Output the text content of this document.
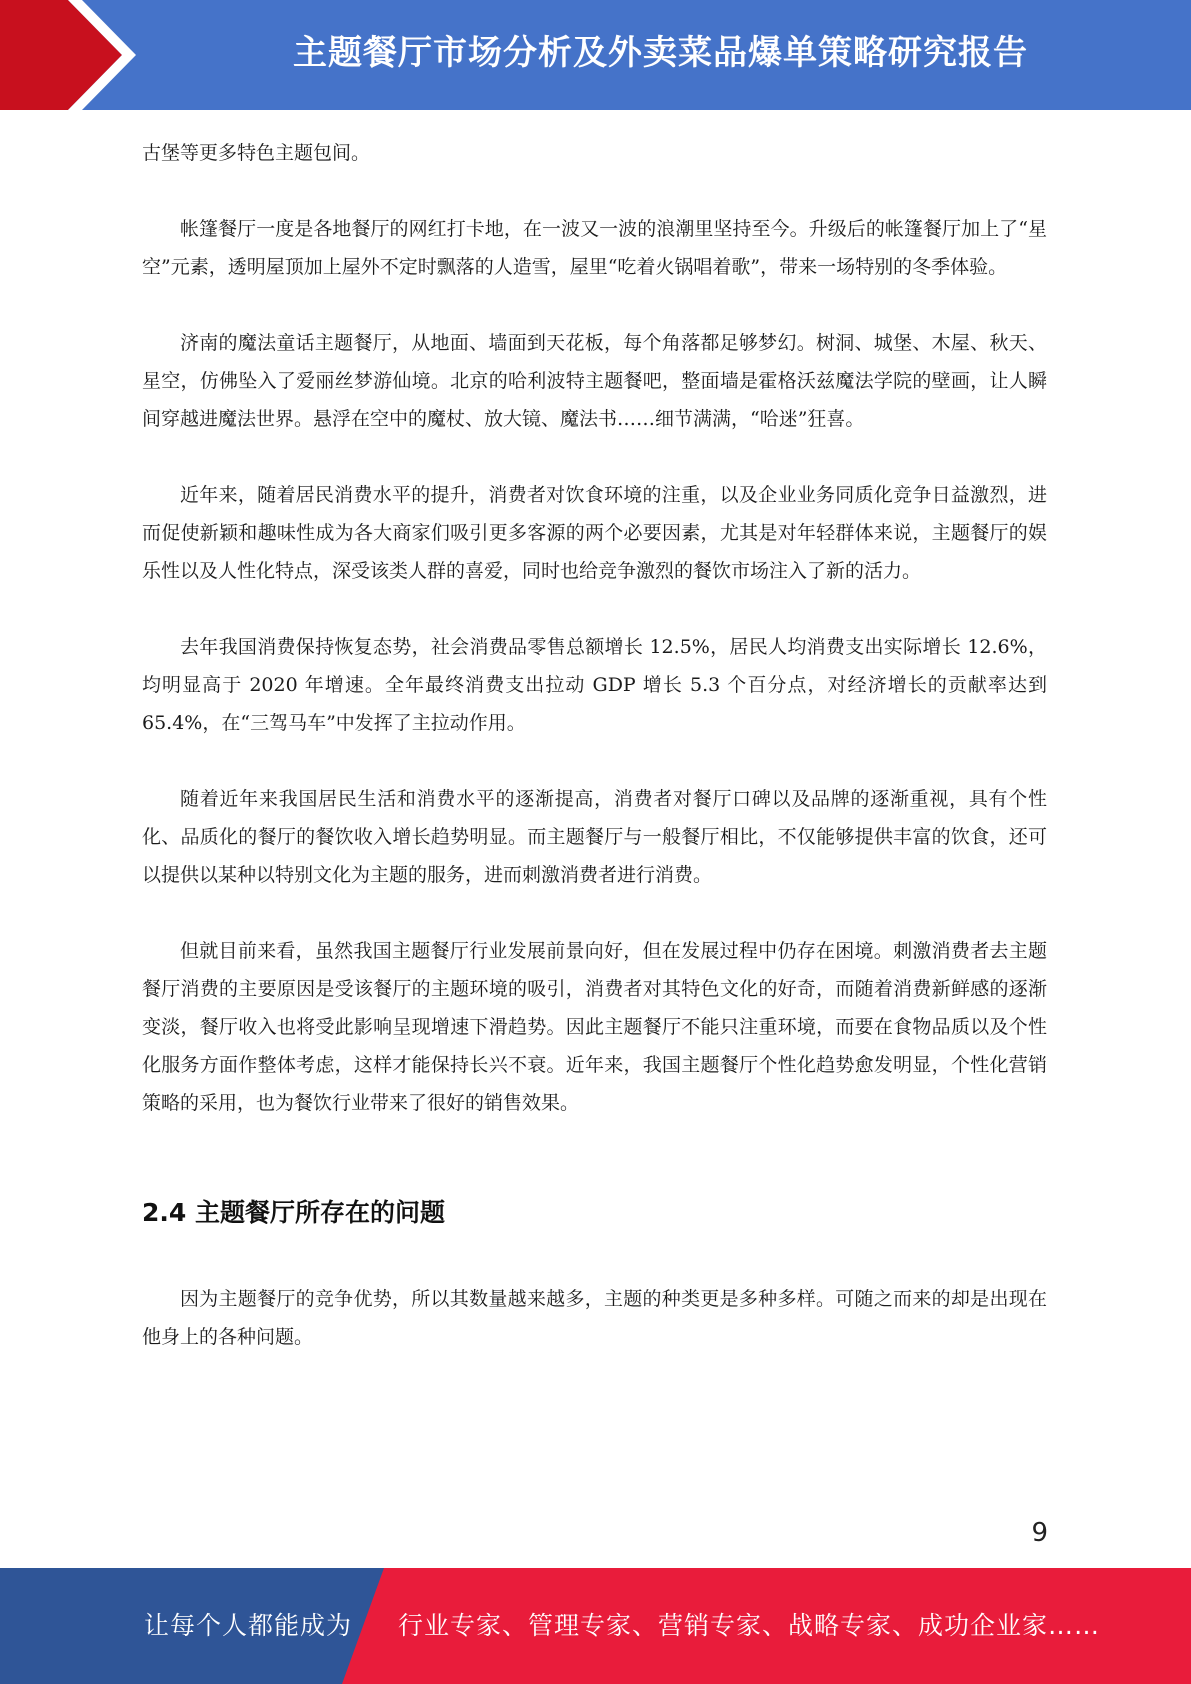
主题餐厅市场分析及外卖菜品爆单策略研究报告

古堡等更多特色主题包间。

帐篷餐厅一度是各地餐厅的网红打卡地，在一波又一波的浪潮里坚持至今。升级后的帐篷餐厅加上了“星空”元素，透明屋顶加上屋外不定时飘落的人造雪，屋里“吃着火锅唱着歌”，带来一场特别的冬季体验。

济南的魔法童话主题餐厅，从地面、墙面到天花板，每个角落都足够梦幻。树洞、城堡、木屋、秋天、星空，仿佛坠入了爱丽丝梦游仙境。北京的哈利波特主题餐吧，整面墙是霍格沃兹魔法学院的壁画，让人瞬间穿越进魔法世界。悬浮在空中的魔杖、放大镜、魔法书……细节满满，“哈迷”狂喜。

近年来，随着居民消费水平的提升，消费者对饮食环境的注重，以及企业业务同质化竞争日益激烈，进而促使新颖和趣味性成为各大商家们吸引更多客源的两个必要因素，尤其是对年轻群体来说，主题餐厅的娱乐性以及人性化特点，深受该类人群的喜爱，同时也给竞争激烈的餐饮市场注入了新的活力。

去年我国消费保持恢复态势，社会消费品零售总额增长 12.5%，居民人均消费支出实际增长 12.6%，均明显高于 2020 年增速。全年最终消费支出拉动 GDP 增长 5.3 个百分点，对经济增长的贡献率达到 65.4%，在“三驾马车”中发挥了主拉动作用。

随着近年来我国居民生活和消费水平的逐渐提高，消费者对餐厅口碑以及品牌的逐渐重视，具有个性化、品质化的餐厅的餐饮收入增长趋势明显。而主题餐厅与一般餐厅相比，不仅能够提供丰富的饮食，还可以提供以某种以特别文化为主题的服务，进而刺激消费者进行消费。

但就目前来看，虽然我国主题餐厅行业发展前景向好，但在发展过程中仍存在困境。刺激消费者去主题餐厅消费的主要原因是受该餐厅的主题环境的吸引，消费者对其特色文化的好奇，而随着消费新鲜感的逐渐变淡，餐厅收入也将受此影响呈现增速下滑趋势。因此主题餐厅不能只注重环境，而要在食物品质以及个性化服务方面作整体考虑，这样才能保持长兴不衰。近年来，我国主题餐厅个性化趋势愈发明显，个性化营销策略的采用，也为餐饮行业带来了很好的销售效果。

2.4 主题餐厅所存在的问题

因为主题餐厅的竞争优势，所以其数量越来越多，主题的种类更是多种多样。可随之而来的却是出现在他身上的各种问题。

9
让每个人都能成为 行业专家、管理专家、营销专家、战略专家、成功企业家……
